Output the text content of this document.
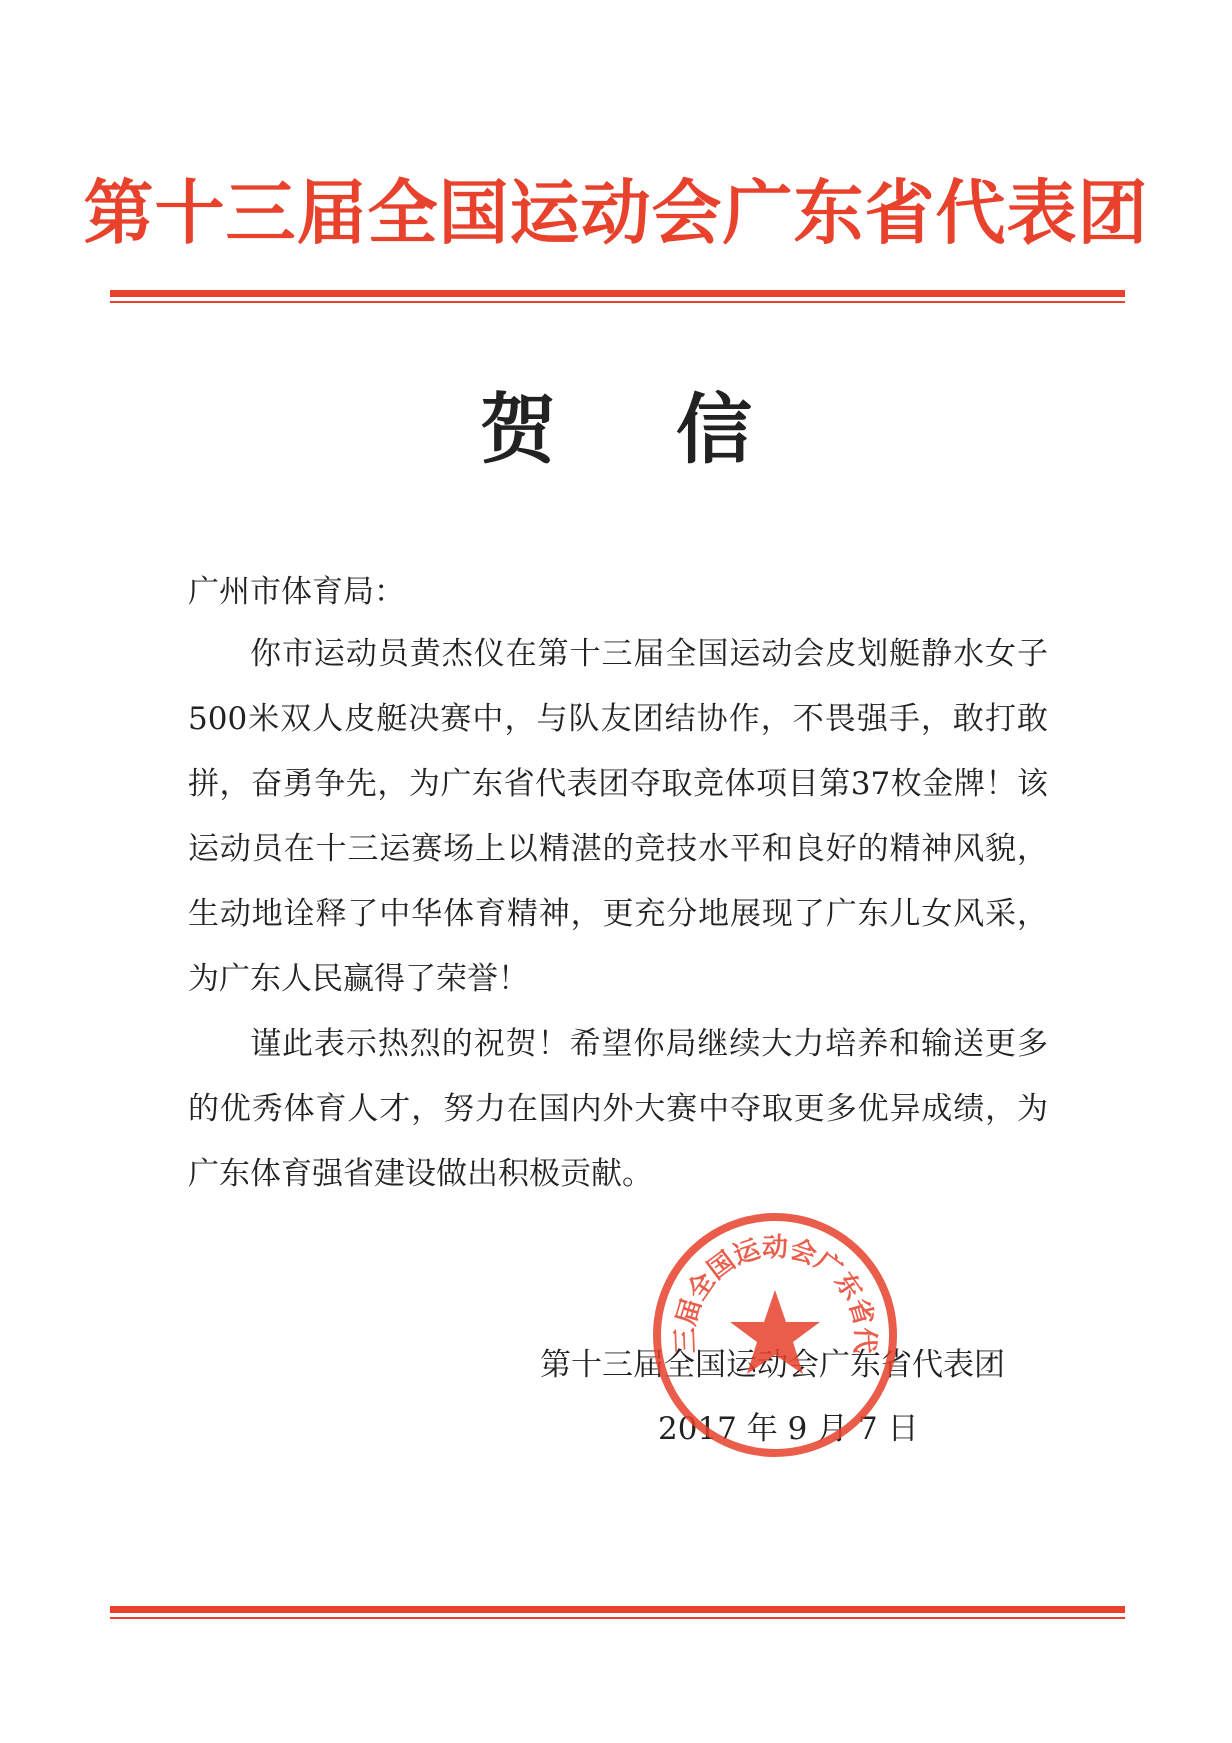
第十三届全国运动会广东省代表团
贺 信
广州市体育局：

你市运动员黄杰仪在第十三届全国运动会皮划艇静水女子500米双人皮艇决赛中，与队友团结协作，不畏强手，敢打敢拼，奋勇争先，为广东省代表团夺取竞体项目第37枚金牌！该运动员在十三运赛场上以精湛的竞技水平和良好的精神风貌，生动地诠释了中华体育精神，更充分地展现了广东儿女风采，为广东人民赢得了荣誉！

谨此表示热烈的祝贺！希望你局继续大力培养和输送更多的优秀体育人才，努力在国内外大赛中夺取更多优异成绩，为广东体育强省建设做出积极贡献。

第十三届全国运动会广东省代表团
2017 年 9 月 7 日
三届全国运动会广东省代
